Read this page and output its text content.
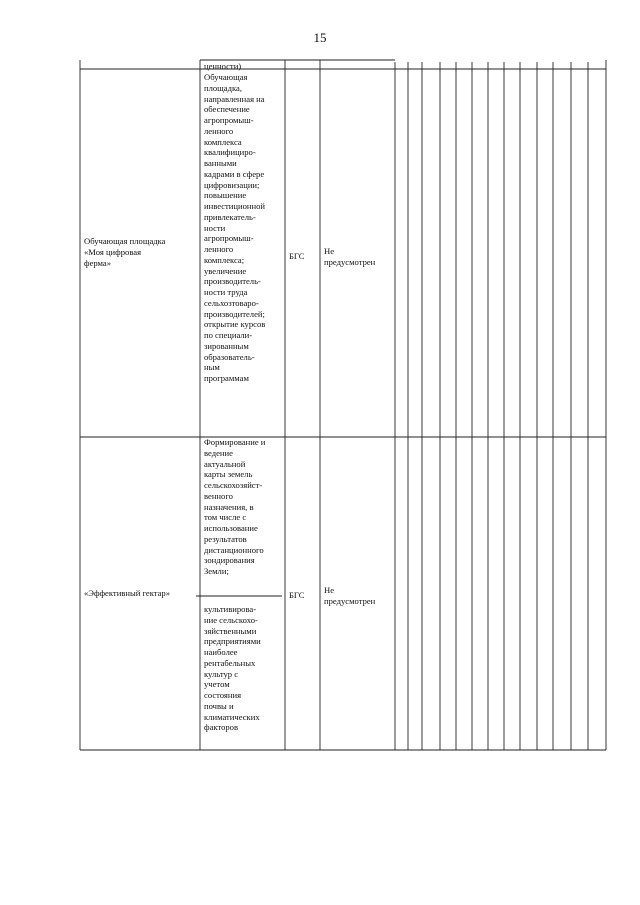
15
ценности)
Обучающая площадка
«Моя цифровая
ферма»
БГС Не
предусмотрен
Обучающая
площадка,
направленная на
обеспечение
агропромыш-
ленного
комплекса
квалифициро-
ванными
кадрами в сфере
цифровизации;
повышение
инвестиционной
привлекатель-
ности
агропромыш-
ленного
комплекса;
увеличение
производитель-
ности труда
сельхозтоваро-
производителей;
открытие курсов
по специали-
зированным
образователь-
ным
программам
«Эффективный гектар»	БГС Не
предусмотрен
Формирование и
ведение
актуальной
карты земель
сельскохозяйст-
венного
назначения, в
том числе с
использование
результатов
дистанционного
зондирования
Земли;
культивирова-
ние сельскохо-
зяйственными
предприятиями
наиболее
рентабельных
культур с
учетом
состояния
почвы и
климатических
факторов
